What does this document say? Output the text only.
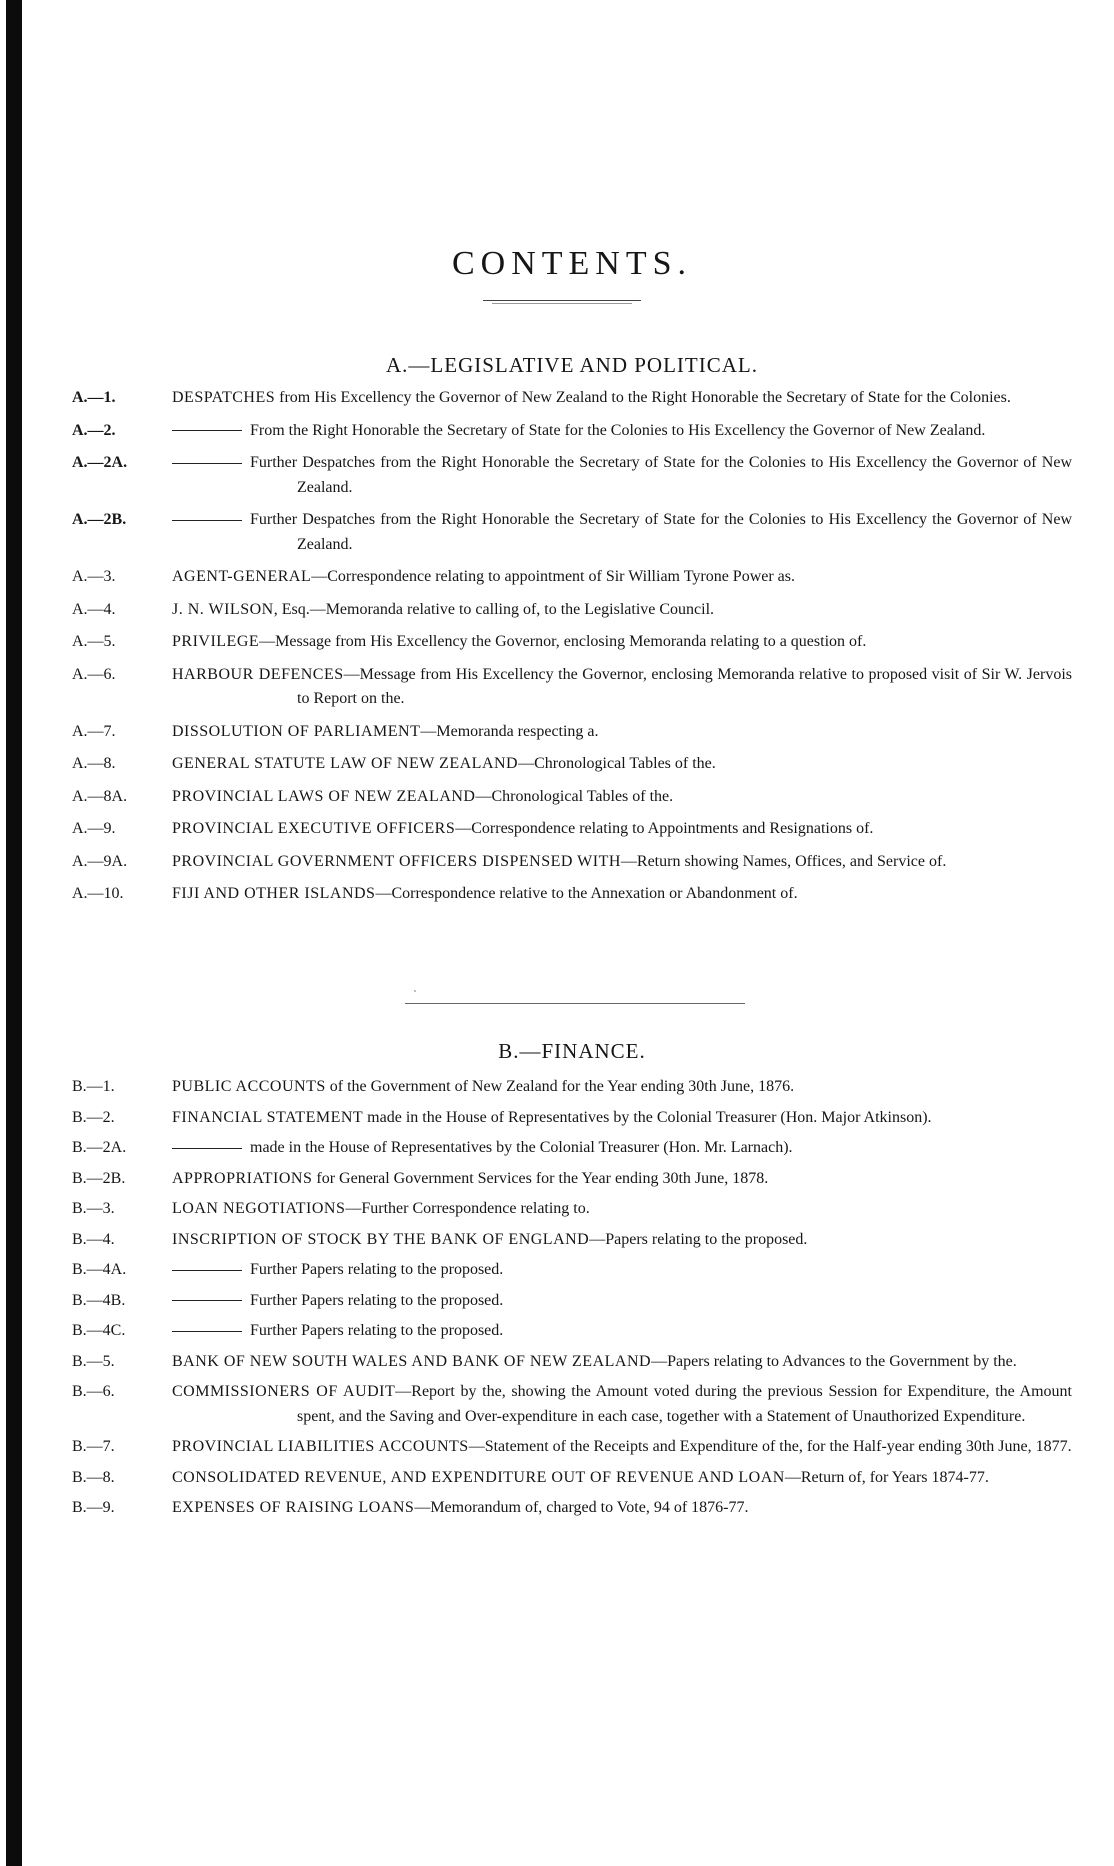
CONTENTS.
A.—LEGISLATIVE AND POLITICAL.
A.—1.	DESPATCHES from His Excellency the Governor of New Zealand to the Right Honorable the Secretary of State for the Colonies.
A.—2.	From the Right Honorable the Secretary of State for the Colonies to His Excellency the Governor of New Zealand.
A.—2A.	Further Despatches from the Right Honorable the Secretary of State for the Colonies to His Excellency the Governor of New Zealand.
A.—2B.	Further Despatches from the Right Honorable the Secretary of State for the Colonies to His Excellency the Governor of New Zealand.
A.—3.	AGENT-GENERAL—Correspondence relating to appointment of Sir William Tyrone Power as.
A.—4.	J. N. WILSON, Esq.—Memoranda relative to calling of, to the Legislative Council.
A.—5.	PRIVILEGE—Message from His Excellency the Governor, enclosing Memoranda relating to a question of.
A.—6.	HARBOUR DEFENCES—Message from His Excellency the Governor, enclosing Memoranda relative to proposed visit of Sir W. Jervois to Report on the.
A.—7.	DISSOLUTION OF PARLIAMENT—Memoranda respecting a.
A.—8.	GENERAL STATUTE LAW OF NEW ZEALAND—Chronological Tables of the.
A.—8A.	PROVINCIAL LAWS OF NEW ZEALAND—Chronological Tables of the.
A.—9.	PROVINCIAL EXECUTIVE OFFICERS—Correspondence relating to Appointments and Resignations of.
A.—9A.	PROVINCIAL GOVERNMENT OFFICERS DISPENSED WITH—Return showing Names, Offices, and Service of.
A.—10.	FIJI AND OTHER ISLANDS—Correspondence relative to the Annexation or Abandonment of.
B.—FINANCE.
B.—1.	PUBLIC ACCOUNTS of the Government of New Zealand for the Year ending 30th June, 1876.
B.—2.	FINANCIAL STATEMENT made in the House of Representatives by the Colonial Treasurer (Hon. Major Atkinson).
B.—2A.	made in the House of Representatives by the Colonial Treasurer (Hon. Mr. Larnach).
B.—2B.	APPROPRIATIONS for General Government Services for the Year ending 30th June, 1878.
B.—3.	LOAN NEGOTIATIONS—Further Correspondence relating to.
B.—4.	INSCRIPTION OF STOCK BY THE BANK OF ENGLAND—Papers relating to the proposed.
B.—4A.	Further Papers relating to the proposed.
B.—4B.	Further Papers relating to the proposed.
B.—4C.	Further Papers relating to the proposed.
B.—5.	BANK OF NEW SOUTH WALES AND BANK OF NEW ZEALAND—Papers relating to Advances to the Government by the.
B.—6.	COMMISSIONERS OF AUDIT—Report by the, showing the Amount voted during the previous Session for Expenditure, the Amount spent, and the Saving and Over-expenditure in each case, together with a Statement of Unauthorized Expenditure.
B.—7.	PROVINCIAL LIABILITIES ACCOUNTS—Statement of the Receipts and Expenditure of the, for the Half-year ending 30th June, 1877.
B.—8.	CONSOLIDATED REVENUE, AND EXPENDITURE OUT OF REVENUE AND LOAN—Return of, for Years 1874-77.
B.—9.	EXPENSES OF RAISING LOANS—Memorandum of, charged to Vote, 94 of 1876-77.
